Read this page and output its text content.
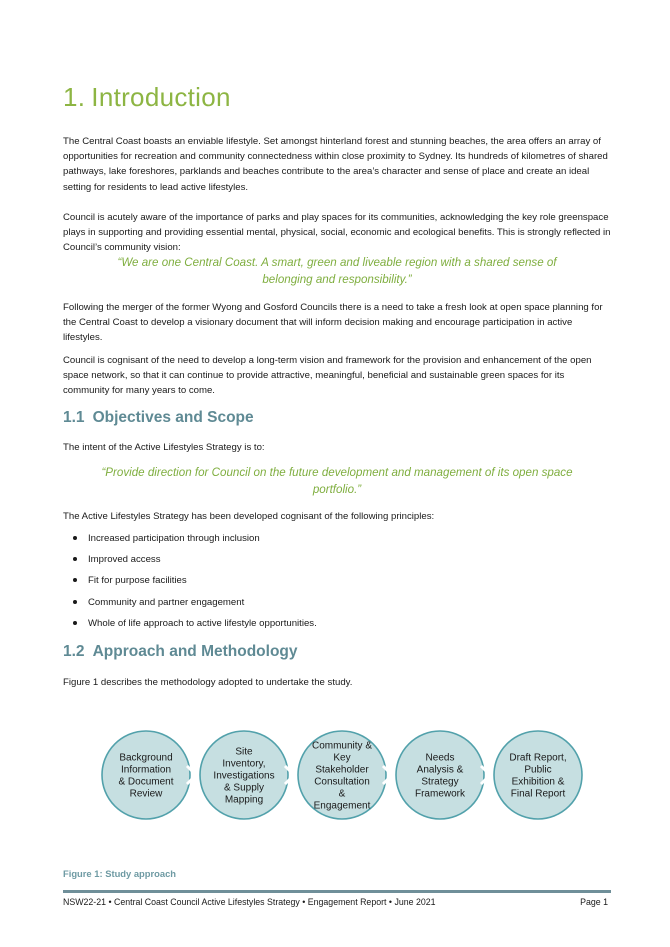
1. Introduction

The Central Coast boasts an enviable lifestyle. Set amongst hinterland forest and stunning beaches, the area offers an array of opportunities for recreation and community connectedness within close proximity to Sydney. Its hundreds of kilometres of shared pathways, lake foreshores, parklands and beaches contribute to the area’s character and sense of place and create an ideal setting for residents to lead active lifestyles.

Council is acutely aware of the importance of parks and play spaces for its communities, acknowledging the key role greenspace plays in supporting and providing essential mental, physical, social, economic and ecological benefits. This is strongly reflected in Council’s community vision:

“We are one Central Coast. A smart, green and liveable region with a shared sense of belonging and responsibility.”

Following the merger of the former Wyong and Gosford Councils there is a need to take a fresh look at open space planning for the Central Coast to develop a visionary document that will inform decision making and encourage participation in active lifestyles.

Council is cognisant of the need to develop a long-term vision and framework for the provision and enhancement of the open space network, so that it can continue to provide attractive, meaningful, beneficial and sustainable green spaces for its community for many years to come.

1.1 Objectives and Scope

The intent of the Active Lifestyles Strategy is to:

“Provide direction for Council on the future development and management of its open space portfolio.”

The Active Lifestyles Strategy has been developed cognisant of the following principles:

Increased participation through inclusion
Improved access
Fit for purpose facilities
Community and partner engagement
Whole of life approach to active lifestyle opportunities.
1.2 Approach and Methodology

Figure 1 describes the methodology adopted to undertake the study.

Background
Information
& Document
Review
Site
Inventory,
Investigations
& Supply
Mapping
Community &
Key
Stakeholder
Consultation
&
Engagement
Needs
Analysis &
Strategy
Framework
Draft Report,
Public
Exhibition &
Final Report

Figure 1: Study approach

NSW22-21 • Central Coast Council Active Lifestyles Strategy • Engagement Report • June 2021	Page 1
